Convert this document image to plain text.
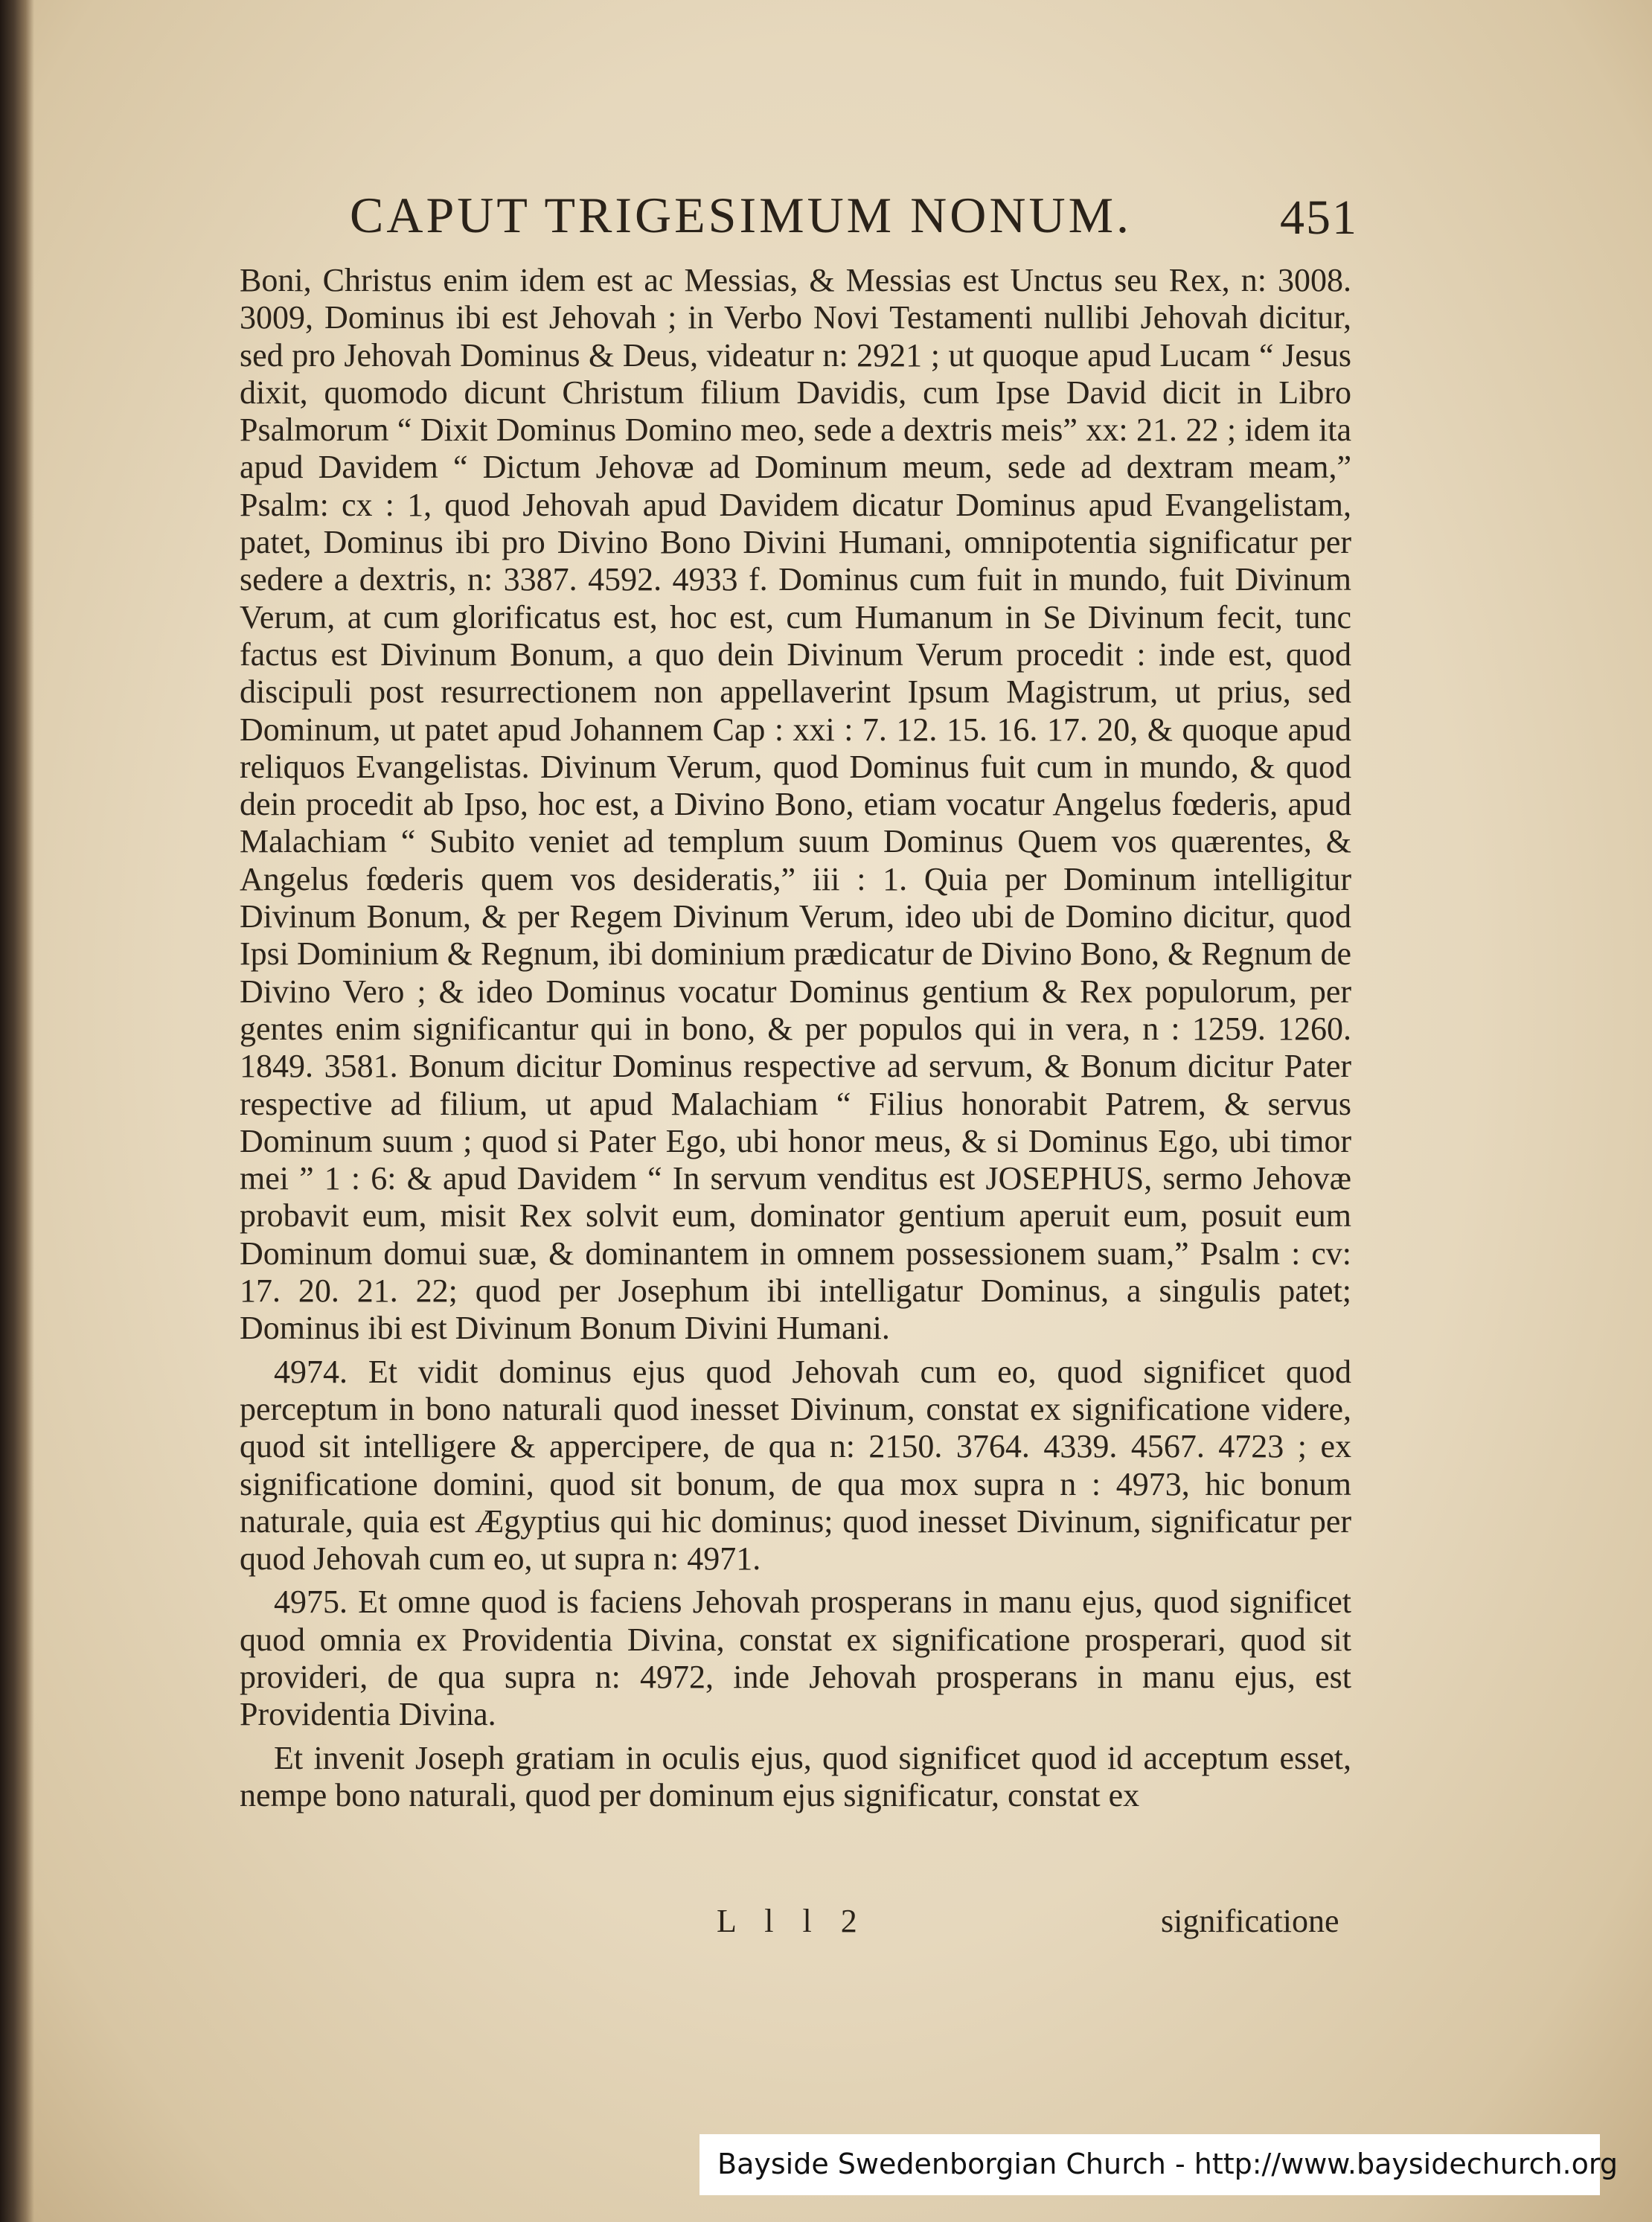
CAPUT TRIGESIMUM NONUM.	451

Boni, Christus enim idem est ac Messias, & Messias est Unctus seu Rex, n: 3008. 3009, Dominus ibi est Jehovah ; in Verbo Novi Testamenti nullibi Jehovah dicitur, sed pro Jehovah Dominus & Deus, videatur n: 2921 ; ut quoque apud Lucam “ Jesus dixit, quomodo dicunt Christum filium Davidis, cum Ipse David dicit in Libro Psalmorum “ Dixit Dominus Domino meo, sede a dextris meis” xx: 21. 22 ; idem ita apud Davidem “ Dictum Jehovæ ad Dominum meum, sede ad dextram meam,” Psalm: cx : 1, quod Jehovah apud Davidem dicatur Dominus apud Evangelistam, patet, Dominus ibi pro Divino Bono Divini Humani, omnipotentia significatur per sedere a dextris, n: 3387. 4592. 4933 f. Dominus cum fuit in mundo, fuit Divinum Verum, at cum glorificatus est, hoc est, cum Humanum in Se Divinum fecit, tunc factus est Divinum Bonum, a quo dein Divinum Verum procedit : inde est, quod discipuli post resurrectionem non appellaverint Ipsum Magistrum, ut prius, sed Dominum, ut patet apud Johannem Cap : xxi : 7. 12. 15. 16. 17. 20, & quoque apud reliquos Evangelistas. Divinum Verum, quod Dominus fuit cum in mundo, & quod dein procedit ab Ipso, hoc est, a Divino Bono, etiam vocatur Angelus fœderis, apud Malachiam “ Subito veniet ad templum suum Dominus Quem vos quærentes, & Angelus fœderis quem vos desideratis,” iii : 1. Quia per Dominum intelligitur Divinum Bonum, & per Regem Divinum Verum, ideo ubi de Domino dicitur, quod Ipsi Dominium & Regnum, ibi dominium prædicatur de Divino Bono, & Regnum de Divino Vero ; & ideo Dominus vocatur Dominus gentium & Rex populorum, per gentes enim significantur qui in bono, & per populos qui in vera, n : 1259. 1260. 1849. 3581. Bonum dicitur Dominus respective ad servum, & Bonum dicitur Pater respective ad filium, ut apud Malachiam “ Filius honorabit Patrem, & servus Dominum suum ; quod si Pater Ego, ubi honor meus, & si Dominus Ego, ubi timor mei ” 1 : 6: & apud Davidem “ In servum venditus est JOSEPHUS, sermo Jehovæ probavit eum, misit Rex solvit eum, dominator gentium aperuit eum, posuit eum Dominum domui suæ, & dominantem in omnem possessionem suam,” Psalm : cv: 17. 20. 21. 22; quod per Josephum ibi intelligatur Dominus, a singulis patet; Dominus ibi est Divinum Bonum Divini Humani.

4974. Et vidit dominus ejus quod Jehovah cum eo, quod significet quod perceptum in bono naturali quod inesset Divinum, constat ex significatione videre, quod sit intelligere & appercipere, de qua n: 2150. 3764. 4339. 4567. 4723 ; ex significatione domini, quod sit bonum, de qua mox supra n : 4973, hic bonum naturale, quia est Ægyptius qui hic dominus; quod inesset Divinum, significatur per quod Jehovah cum eo, ut supra n: 4971.

4975. Et omne quod is faciens Jehovah prosperans in manu ejus, quod significet quod omnia ex Providentia Divina, constat ex significatione prosperari, quod sit provideri, de qua supra n: 4972, inde Jehovah prosperans in manu ejus, est Providentia Divina.

Et invenit Joseph gratiam in oculis ejus, quod significet quod id acceptum esset, nempe bono naturali, quod per dominum ejus significatur, constat ex

L l l 2	significatione
Bayside Swedenborgian Church - http://www.baysidechurch.org
